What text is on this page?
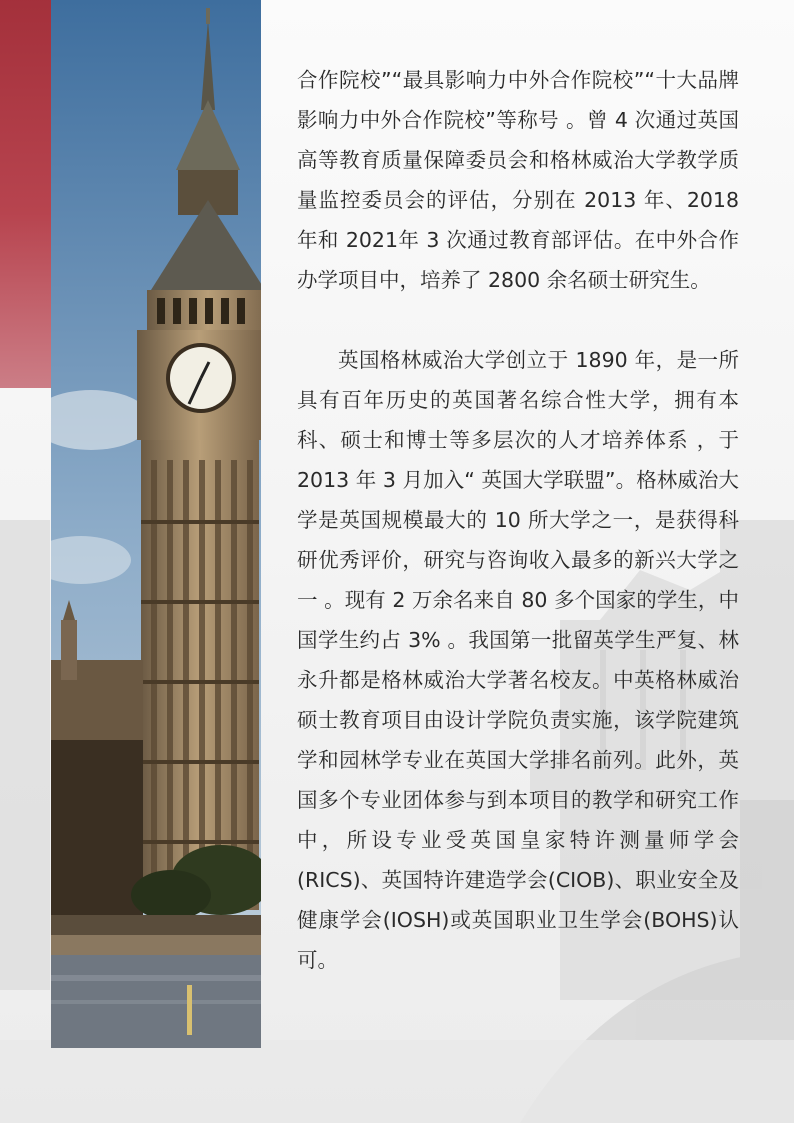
合作院校”“最具影响力中外合作院校”“十大品牌影响力中外合作院校”等称号 。曾 4 次通过英国高等教育质量保障委员会和格林威治大学教学质量监控委员会的评估，分别在 2013 年、2018 年和 2021年 3 次通过教育部评估。在中外合作办学项目中，培养了 2800 余名硕士研究生。

英国格林威治大学创立于 1890 年，是一所具有百年历史的英国著名综合性大学，拥有本科、硕士和博士等多层次的人才培养体系 ，于 2013 年 3 月加入“ 英国大学联盟”。格林威治大学是英国规模最大的 10 所大学之一，是获得科研优秀评价，研究与咨询收入最多的新兴大学之一 。现有 2 万余名来自 80 多个国家的学生，中国学生约占 3% 。我国第一批留英学生严复、林永升都是格林威治大学著名校友。中英格林威治硕士教育项目由设计学院负责实施，该学院建筑学和园林学专业在英国大学排名前列。此外，英国多个专业团体参与到本项目的教学和研究工作中，所设专业受英国皇家特许测量师学会(RICS)、英国特许建造学会(CIOB)、职业安全及健康学会(IOSH)或英国职业卫生学会(BOHS)认可。
